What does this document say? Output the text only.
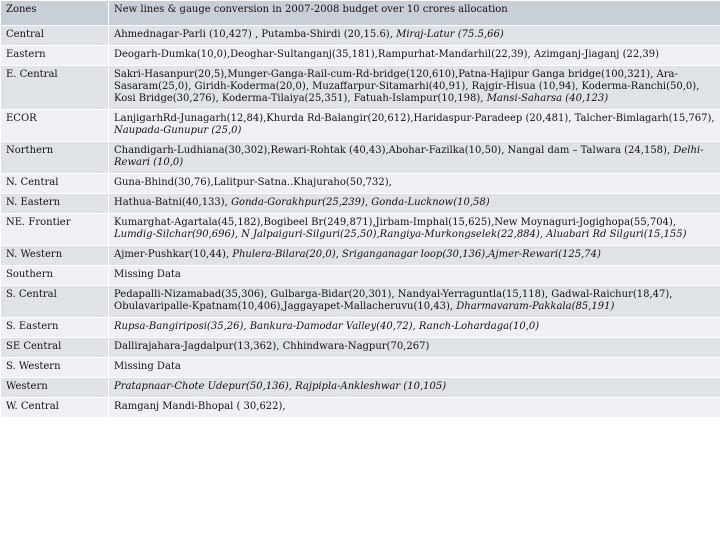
Zones	New lines & gauge conversion in 2007-2008 budget over 10 crores allocation
Central	Ahmednagar-Parli (10,427) , Putamba-Shirdi (20,15.6), Miraj-Latur (75.5,66)
Eastern	Deogarh-Dumka(10,0),Deoghar-Sultanganj(35,181),Rampurhat-Mandarhil(22,39), Azimganj-Jiaganj (22,39)
E. Central	Sakri-Hasanpur(20,5),Munger-Ganga-Rail-cum-Rd-bridge(120,610),Patna-Hajipur Ganga bridge(100,321), Ara-Sasaram(25,0), Giridh-Koderma(20,0), Muzaffarpur-Sitamarhi(40,91), Rajgir-Hisua (10,94), Koderma-Ranchi(50,0), Kosi Bridge(30,276), Koderma-Tilaiya(25,351), Fatuah-Islampur(10,198), Mansi-Saharsa (40,123)
ECOR	LanjigarhRd-Junagarh(12,84),Khurda Rd-Balangir(20,612),Haridaspur-Paradeep (20,481), Talcher-Bimlagarh(15,767), Naupada-Gunupur (25,0)
Northern	Chandigarh-Ludhiana(30,302),Rewari-Rohtak (40,43),Abohar-Fazilka(10,50), Nangal dam – Talwara (24,158), Delhi-Rewari (10,0)
N. Central	Guna-Bhind(30,76),Lalitpur-Satna..Khajuraho(50,732),
N. Eastern	Hathua-Batni(40,133), Gonda-Gorakhpur(25,239), Gonda-Lucknow(10,58)
NE. Frontier	Kumarghat-Agartala(45,182),Bogibeel Br(249,871),Jirbam-Imphal(15,625),New Moynaguri-Jogighopa(55,704), Lumdig-Silchar(90,696), N Jalpaiguri-Silguri(25,50),Rangiya-Murkongselek(22,884), Aluabari Rd Silguri(15,155)
N. Western	Ajmer-Pushkar(10,44), Phulera-Bilara(20,0), Sriganganagar loop(30,136),Ajmer-Rewari(125,74)
Southern	Missing Data
S. Central	Pedapalli-Nizamabad(35,306), Gulbarga-Bidar(20,301), Nandyal-Yerraguntla(15,118), Gadwal-Raichur(18,47), Obulavaripalle-Kpatnam(10,406),Jaggayapet-Mallacheruvu(10,43), Dharmavaram-Pakkala(85,191)
S. Eastern	Rupsa-Bangiriposi(35,26), Bankura-Damodar Valley(40,72), Ranch-Lohardaga(10,0)
SE Central	Dallirajahara-Jagdalpur(13,362), Chhindwara-Nagpur(70,267)
S. Western	Missing Data
Western	Pratapnaar-Chote Udepur(50,136), Rajpipla-Ankleshwar (10,105)
W. Central	Ramganj Mandi-Bhopal ( 30,622),
